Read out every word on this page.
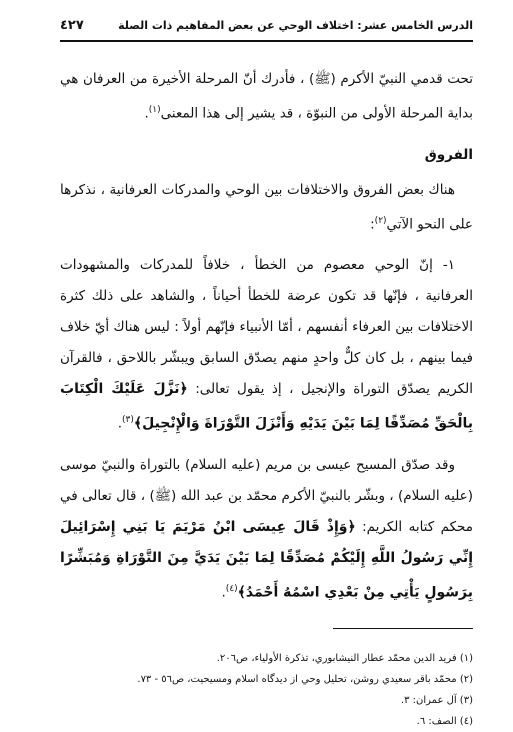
الدرس الخامس عشر: اختلاف الوحي عن بعض المفاهيم ذات الصلة
٤٢٧

تحت قدمي النبيّ الأكرم (ﷺ) ، فأدرك أنّ المرحلة الأخيرة من العرفان هي بداية المرحلة الأولى من النبوّة ، قد يشير إلى هذا المعنى$^{(١)}$.

الفروق

هناك بعض الفروق والاختلافات بين الوحي والمدركات العرفانية ، نذكرها على النحو الآتي$^{(٢)}$:

١- إنّ الوحي معصوم من الخطأ ، خلافاً للمدركات والمشهودات العرفانية ، فإنّها قد تكون عرضة للخطأ أحياناً ، والشاهد على ذلك كثرة الاختلافات بين العرفاء أنفسهم ، أمّا الأنبياء فإنّهم أولاً : ليس هناك أيّ خلاف فيما بينهم ، بل كان كلٌّ واحدٍ منهم يصدّق السابق ويبشّر باللاحق ، فالقرآن الكريم يصدّق التوراة والإنجيل ، إذ يقول تعالى: ﴿نَزَّلَ عَلَيْكَ الْكِتَابَ بِالْحَقِّ مُصَدِّقًا لِمَا بَيْنَ يَدَيْهِ وَأَنْزَلَ التَّوْرَاةَ وَالْإِنْجِيلَ﴾$^{(٣)}$.

وقد صدّق المسيح عيسى بن مريم (عليه السلام) بالتوراة والنبيّ موسى (عليه السلام) ، وبشّر بالنبيّ الأكرم محمّد بن عبد الله (ﷺ) ، قال تعالى في محكم كتابه الكريم: ﴿وَإِذْ قَالَ عِيسَى ابْنُ مَرْيَمَ يَا بَنِي إِسْرَائِيلَ إِنِّي رَسُولُ اللَّهِ إِلَيْكُمْ مُصَدِّقًا لِمَا بَيْنَ يَدَيَّ مِنَ التَّوْرَاةِ وَمُبَشِّرًا بِرَسُولٍ يَأْتِي مِنْ بَعْدِي اسْمُهُ أَحْمَدُ﴾$^{(٤)}$.

(١) فريد الدين محمّد عطار النيشابوري، تذكرة الأولياء، ص٢٠٦.

(٢) محمّد باقر سعيدي روشن، تحليل وحي از ديدگاه اسلام ومسيحيت، ص٥٦ - ٧٣.

(٣) آل عمران: ٣.

(٤) الصف: ٦.
